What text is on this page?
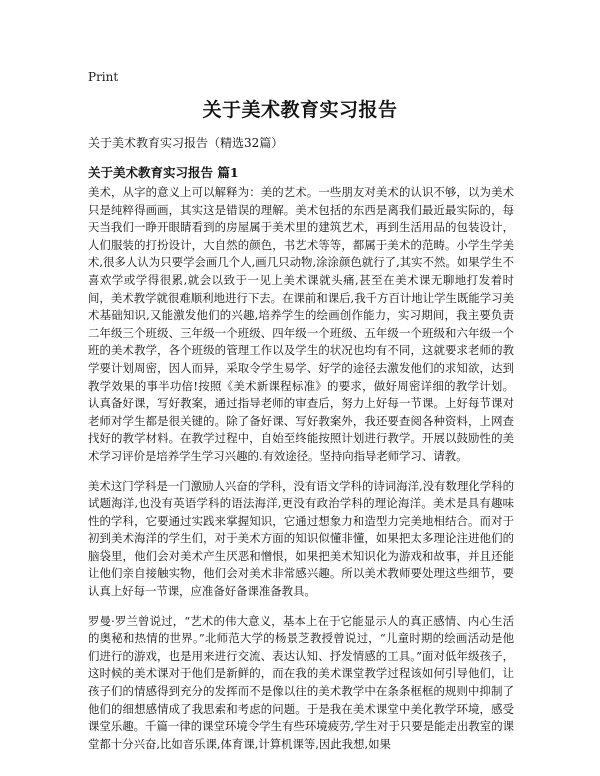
Print
关于美术教育实习报告
关于美术教育实习报告（精选32篇）
关于美术教育实习报告 篇1

美术，从字的意义上可以解释为：美的艺术。一些朋友对美术的认识不够，以为美术只是纯粹得画画，其实这是错误的理解。美术包括的东西是离我们最近最实际的，每天当我们一睁开眼睛看到的房屋属于美术里的建筑艺术，再到生活用品的包装设计，人们服装的打扮设计，大自然的颜色，书艺术等等，都属于美术的范畴。小学生学美术,很多人认为只要学会画几个人,画几只动物,涂涂颜色就行了,其实不然。如果学生不喜欢学或学得很累,就会以致于一见上美术课就头痛,甚至在美术课无聊地打发着时间，美术教学就很难顺利地进行下去。在课前和课后,我千方百计地让学生既能学习美术基础知识,又能激发他们的兴趣,培养学生的绘画创作能力，实习期间，我主要负责二年级三个班级、三年级一个班级、四年级一个班级、五年级一个班级和六年级一个班的美术教学，各个班级的管理工作以及学生的状况也均有不同，这就要求老师的教学要计划周密，因人而异，采取令学生易学、好学的途径去激发他们的求知欲，达到教学效果的事半功倍!按照《美术新课程标准》的要求，做好周密详细的教学计划。认真备好课，写好教案，通过指导老师的审查后，努力上好每一节课。上好每节课对老师对学生都是很关键的。除了备好课、写好教案外，我还要查阅各种资料，上网查找好的教学材料。在教学过程中，自始至终能按照计划进行教学。开展以鼓励性的美术学习评价是培养学生学习兴趣的.有效途径。坚持向指导老师学习、请教。

美术这门学科是一门激励人兴奋的学科，没有语文学科的诗词海洋,没有数理化学科的试题海洋,也没有英语学科的语法海洋,更没有政治学科的理论海洋。美术是具有趣味性的学科，它要通过实践来掌握知识，它通过想象力和造型力完美地相结合。而对于初到美术海洋的学生们，对于美术方面的知识似懂非懂，如果把太多理论注进他们的脑袋里，他们会对美术产生厌恶和憎恨，如果把美术知识化为游戏和故事，并且还能让他们亲自接触实物，他们会对美术非常感兴趣。所以美术教师要处理这些细节，要认真上好每一节课，应准备好备课准备教具。

罗曼·罗兰曾说过，“艺术的伟大意义，基本上在于它能显示人的真正感情、内心生活的奥秘和热情的世界。”北师范大学的杨景芝教授曾说过，“儿童时期的绘画活动是他们进行的游戏，也是用来进行交流、表达认知、抒发情感的工具。”面对低年级孩子，这时候的美术课对于他们是新鲜的，而在我的美术课堂教学过程该如何引导他们，让孩子们的情感得到充分的发挥而不是像以往的美术教学中在条条框框的规则中抑制了他们的细想感情成了我思索和考虑的问题。于是我在美术课堂中美化教学环境，感受课堂乐趣。千篇一律的课堂环境令学生有些环境疲劳,学生对于只要是能走出教室的课堂都十分兴奋,比如音乐课,体育课,计算机课等,因此我想,如果
